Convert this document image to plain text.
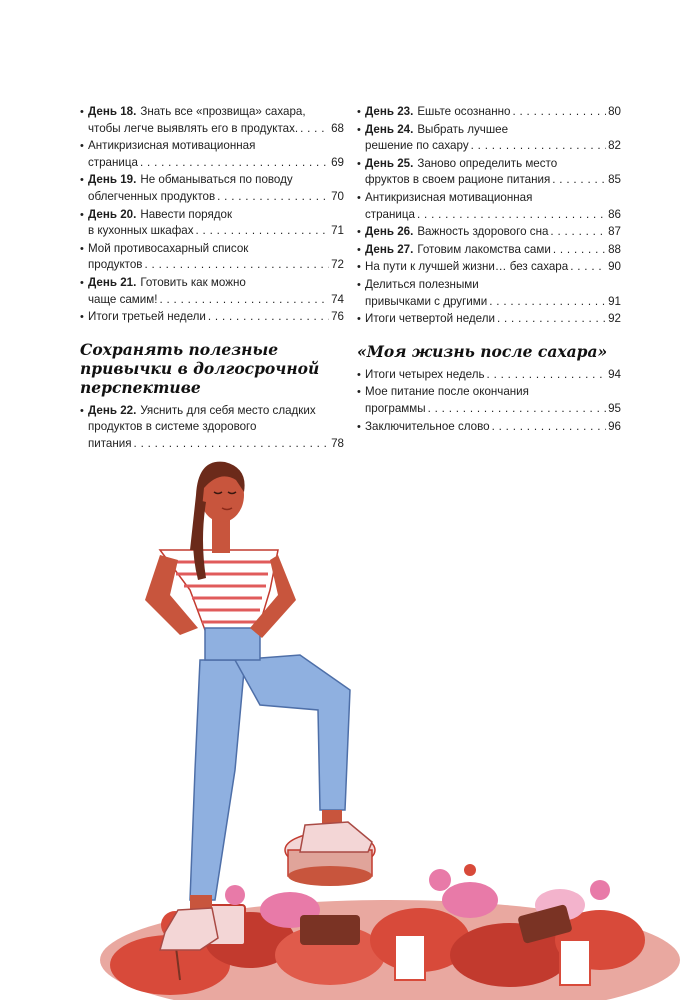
• День 18. Знать все «прозвища» сахара,
чтобы легче выявлять его в продуктах. . . .	68
• Антикризисная мотивационная
страница . . .	69
• День 19. Не обманываться по поводу
облегченных продуктов . . .	70
• День 20. Навести порядок
в кухонных шкафах . . .	71
• Мой противосахарный список
продуктов . . .	72
• День 21. Готовить как можно
чаще самим! . . .	74
• Итоги третьей недели . . .	76
Сохранять полезные привычки в долгосрочной перспективе
• День 22. Уяснить для себя место сладких
продуктов в системе здорового
питания . . .	78
• День 23. Ешьте осознанно . . .	80
• День 24. Выбрать лучшее
решение по сахару . . .	82
• День 25. Заново определить место
фруктов в своем рационе питания . . .	85
• Антикризисная мотивационная
страница . . .	86
• День 26. Важность здорового сна . . .	87
• День 27. Готовим лакомства сами . . .	88
• На пути к лучшей жизни… без сахара . . .	90
• Делиться полезными
привычками с другими . . .	91
• Итоги четвертой недели . . .	92
«Моя жизнь после сахара»
• Итоги четырех недель . . .	94
• Мое питание после окончания
программы . . .	95
• Заключительное слово . . .	96
